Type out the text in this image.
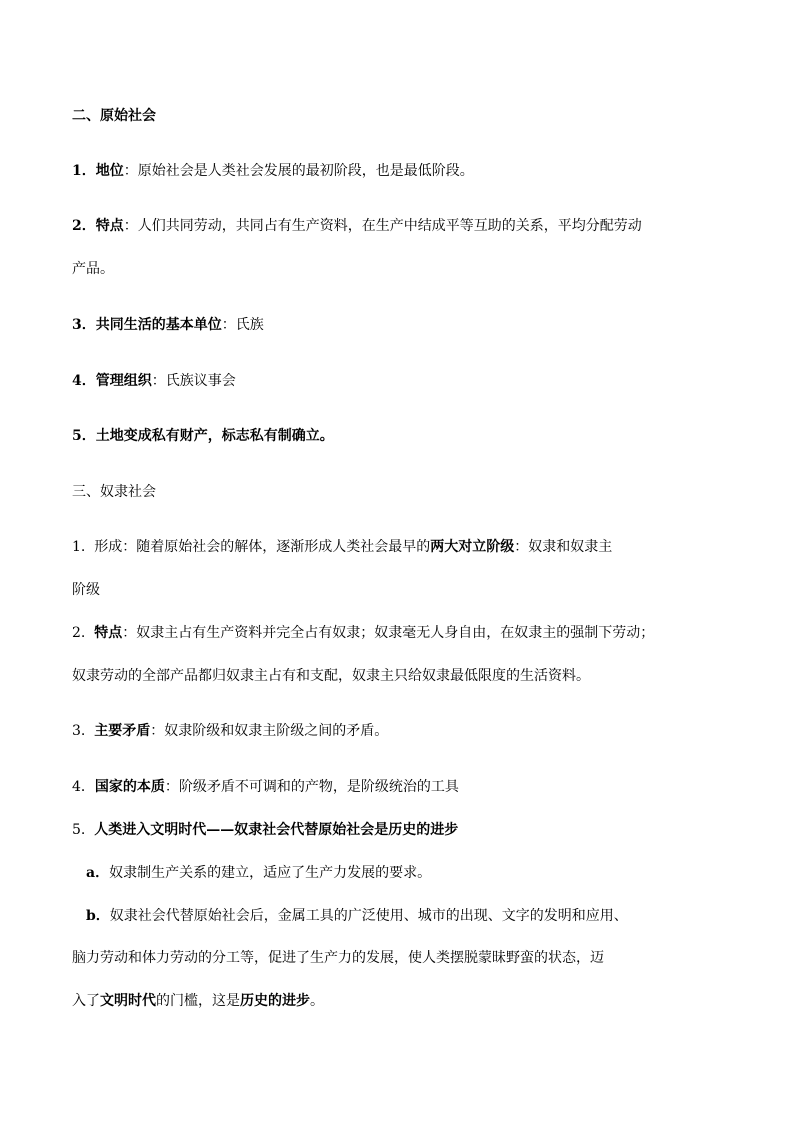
二、原始社会
1．地位：原始社会是人类社会发展的最初阶段，也是最低阶段。
2．特点：人们共同劳动，共同占有生产资料，在生产中结成平等互助的关系，平均分配劳动
产品。
3．共同生活的基本单位：氏族
4．管理组织：氏族议事会
5．土地变成私有财产，标志私有制确立。
三、奴隶社会
1. 形成：随着原始社会的解体，逐渐形成人类社会最早的两大对立阶级：奴隶和奴隶主
阶级
2. 特点：奴隶主占有生产资料并完全占有奴隶；奴隶毫无人身自由，在奴隶主的强制下劳动；
奴隶劳动的全部产品都归奴隶主占有和支配，奴隶主只给奴隶最低限度的生活资料。
3. 主要矛盾：奴隶阶级和奴隶主阶级之间的矛盾。
4．国家的本质：阶级矛盾不可调和的产物，是阶级统治的工具
5. 人类进入文明时代——奴隶社会代替原始社会是历史的进步
a．奴隶制生产关系的建立，适应了生产力发展的要求。
b．奴隶社会代替原始社会后，金属工具的广泛使用、城市的出现、文字的发明和应用、
脑力劳动和体力劳动的分工等，促进了生产力的发展，使人类摆脱蒙昧野蛮的状态，迈
入了文明时代的门槛，这是历史的进步。
